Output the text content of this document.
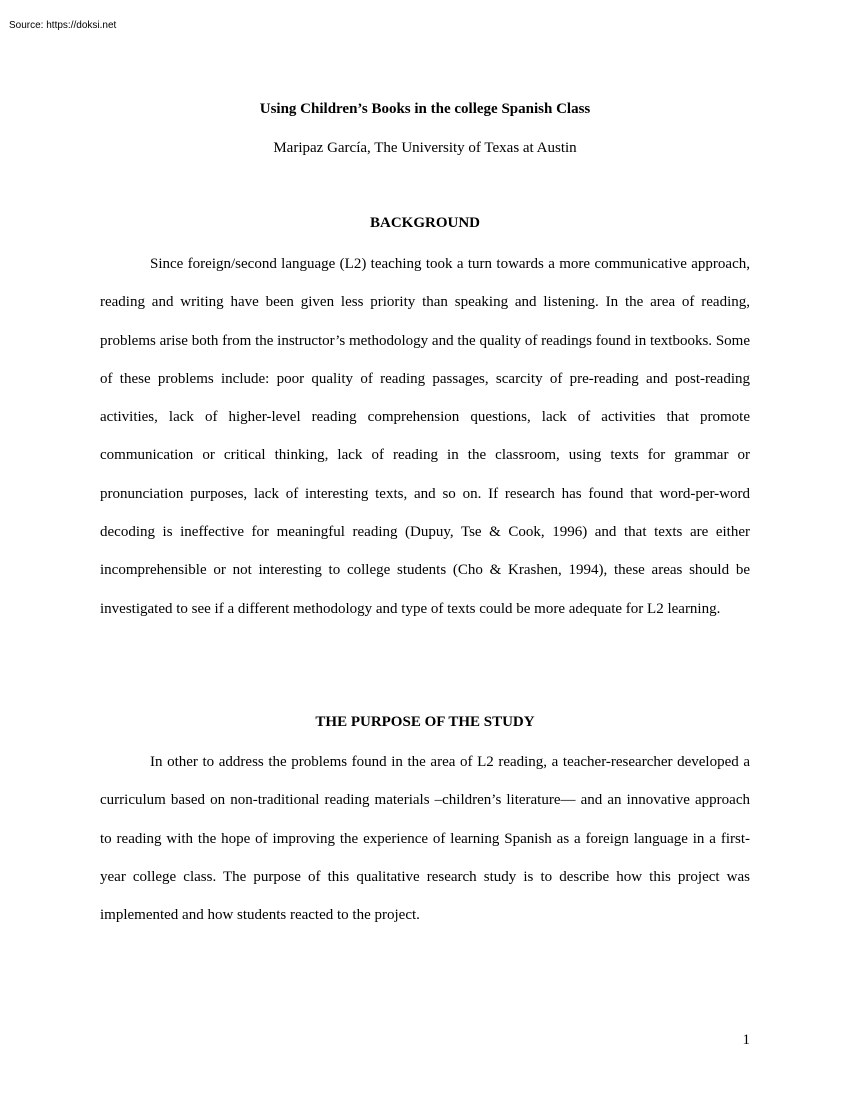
Source: https://doksi.net
Using Children’s Books in the college Spanish Class
Maripaz García, The University of Texas at Austin
BACKGROUND

Since foreign/second language (L2) teaching took a turn towards a more communicative approach, reading and writing have been given less priority than speaking and listening. In the area of reading, problems arise both from the instructor’s methodology and the quality of readings found in textbooks. Some of these problems include: poor quality of reading passages, scarcity of pre-reading and post-reading activities, lack of higher-level reading comprehension questions, lack of activities that promote communication or critical thinking, lack of reading in the classroom, using texts for grammar or pronunciation purposes, lack of interesting texts, and so on. If research has found that word-per-word decoding is ineffective for meaningful reading (Dupuy, Tse & Cook, 1996) and that texts are either incomprehensible or not interesting to college students (Cho & Krashen, 1994), these areas should be investigated to see if a different methodology and type of texts could be more adequate for L2 learning.

THE PURPOSE OF THE STUDY

In other to address the problems found in the area of L2 reading, a teacher-researcher developed a curriculum based on non-traditional reading materials –children’s literature— and an innovative approach to reading with the hope of improving the experience of learning Spanish as a foreign language in a first-year college class. The purpose of this qualitative research study is to describe how this project was implemented and how students reacted to the project.

1
